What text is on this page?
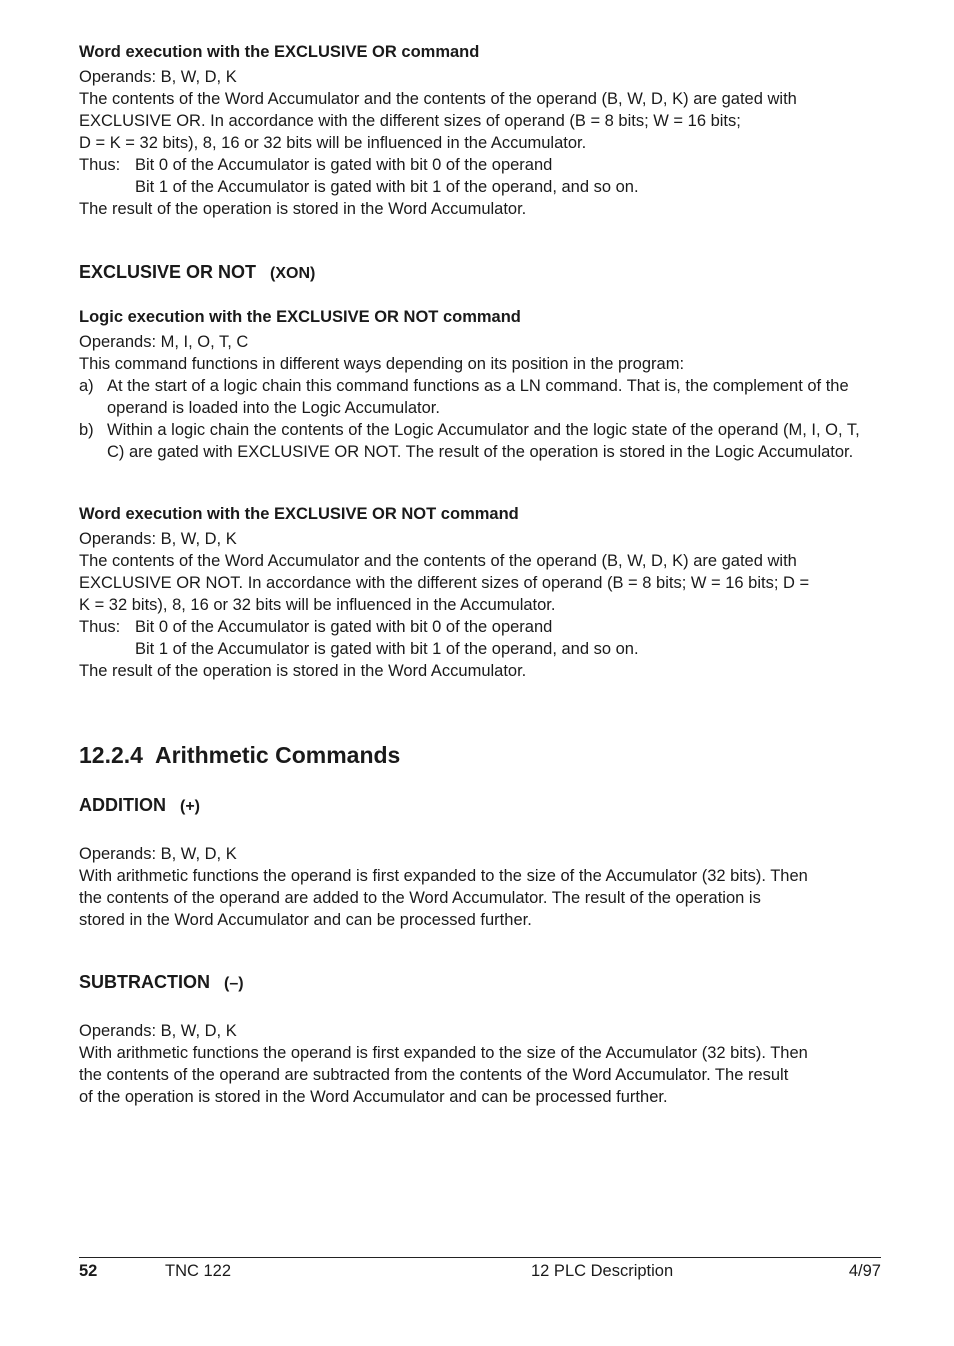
Word execution with the EXCLUSIVE OR command

Operands: B, W, D, K

The contents of the Word Accumulator and the contents of the operand (B, W, D, K) are gated with

EXCLUSIVE OR. In accordance with the different sizes of operand (B = 8 bits; W = 16 bits;

D = K = 32 bits), 8, 16 or 32 bits will be influenced in the Accumulator.

Thus: Bit 0 of the Accumulator is gated with bit 0 of the operand

Bit 1 of the Accumulator is gated with bit 1 of the operand, and so on.

The result of the operation is stored in the Word Accumulator.

EXCLUSIVE OR NOT (XON)

Logic execution with the EXCLUSIVE OR NOT command

Operands: M, I, O, T, C

This command functions in different ways depending on its position in the program:

a) At the start of a logic chain this command functions as a LN command. That is, the complement of the operand is loaded into the Logic Accumulator.
b) Within a logic chain the contents of the Logic Accumulator and the logic state of the operand (M, I, O, T, C) are gated with EXCLUSIVE OR NOT. The result of the operation is stored in the Logic Accumulator.

Word execution with the EXCLUSIVE OR NOT command

Operands: B, W, D, K

The contents of the Word Accumulator and the contents of the operand (B, W, D, K) are gated with

EXCLUSIVE OR NOT. In accordance with the different sizes of operand (B = 8 bits; W = 16 bits; D =

K = 32 bits), 8, 16 or 32 bits will be influenced in the Accumulator.

Thus: Bit 0 of the Accumulator is gated with bit 0 of the operand

Bit 1 of the Accumulator is gated with bit 1 of the operand, and so on.

The result of the operation is stored in the Word Accumulator.

12.2.4 Arithmetic Commands

ADDITION (+)

Operands: B, W, D, K

With arithmetic functions the operand is first expanded to the size of the Accumulator (32 bits). Then

the contents of the operand are added to the Word Accumulator. The result of the operation is

stored in the Word Accumulator and can be processed further.

SUBTRACTION (–)

Operands: B, W, D, K

With arithmetic functions the operand is first expanded to the size of the Accumulator (32 bits). Then

the contents of the operand are subtracted from the contents of the Word Accumulator. The result

of the operation is stored in the Word Accumulator and can be processed further.

52	TNC 122	12 PLC Description	4/97
